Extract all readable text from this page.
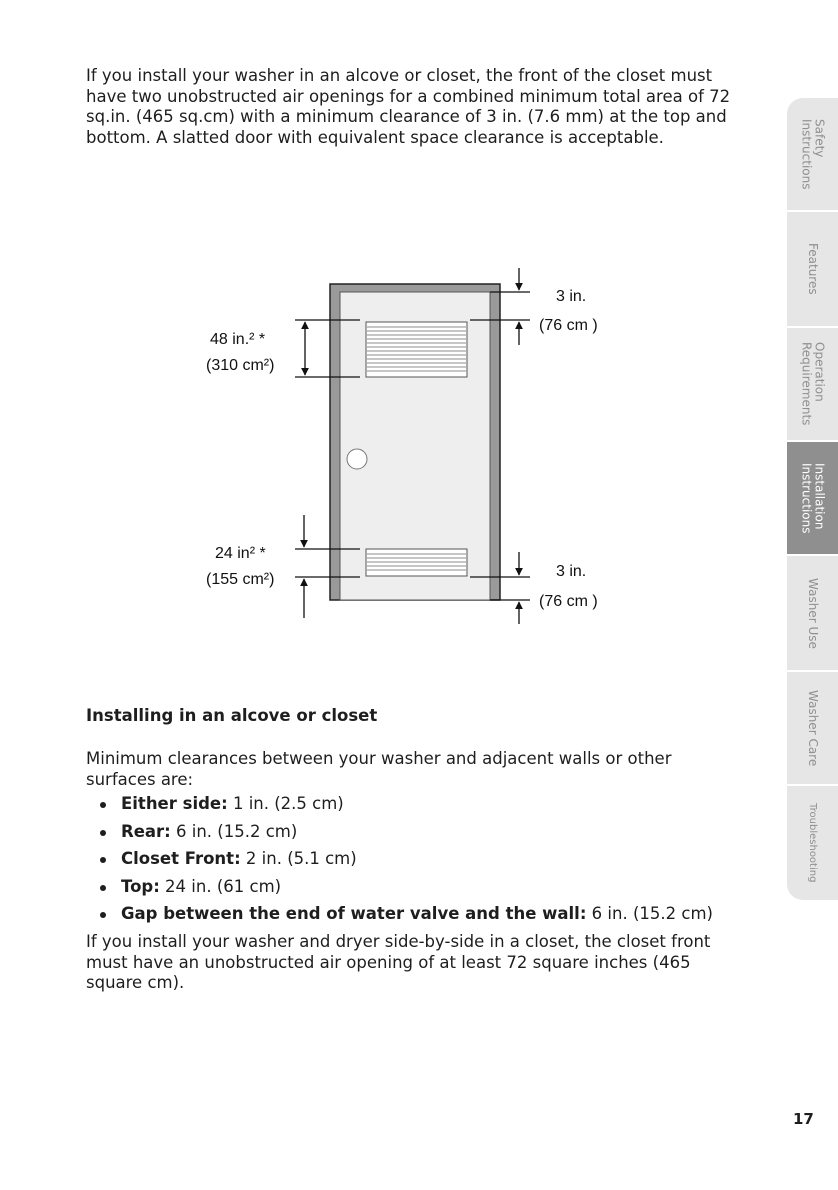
If you install your washer in an alcove or closet, the front of the closet must have two unobstructed air openings for a combined minimum total area of 72 sq.in. (465 sq.cm) with a minimum clearance of 3 in. (7.6 mm) at the top and bottom. A slatted door with equivalent space clearance is acceptable.

48 in.² *
(310 cm²)
24 in² *
(155 cm²)
3 in.
(76 cm )
3 in.
(76 cm )
Installing in an alcove or closet

Minimum clearances between your washer and adjacent walls or other surfaces are:

Either side: 1 in. (2.5 cm)
Rear: 6 in. (15.2 cm)
Closet Front: 2 in. (5.1 cm)
Top: 24 in. (61 cm)
Gap between the end of water valve and the wall: 6 in. (15.2 cm)

If you install your washer and dryer side-by-side in a closet, the closet front must have an unobstructed air opening of at least 72 square inches (465 square cm).

Safety
Instructions
Features
Operation
Requirements
Installation
Instructions
Washer Use
Washer Care
Troubleshooting
17
